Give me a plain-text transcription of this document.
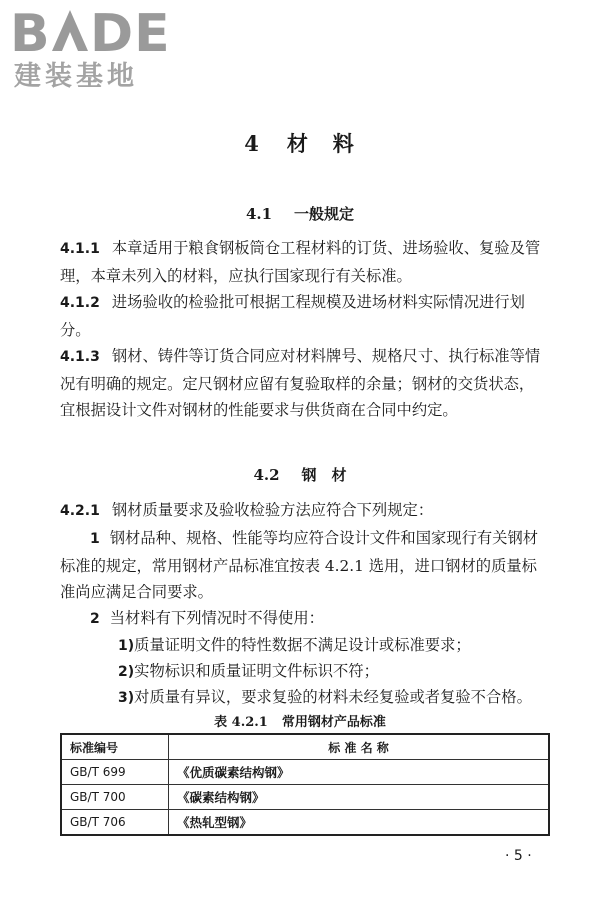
B DE
建装基地
4 材　料
4.1 一般规定
4.1.1 本章适用于粮食钢板筒仓工程材料的订货、进场验收、复验及管理，本章未列入的材料，应执行国家现行有关标准。
4.1.2 进场验收的检验批可根据工程规模及进场材料实际情况进行划分。
4.1.3 钢材、铸件等订货合同应对材料牌号、规格尺寸、执行标准等情况有明确的规定。定尺钢材应留有复验取样的余量；钢材的交货状态，宜根据设计文件对钢材的性能要求与供货商在合同中约定。
4.2 钢　材
4.2.1 钢材质量要求及验收检验方法应符合下列规定：
1 钢材品种、规格、性能等均应符合设计文件和国家现行有关钢材标准的规定，常用钢材产品标准宜按表 4.2.1 选用，进口钢材的质量标准尚应满足合同要求。
2 当材料有下列情况时不得使用：
1)质量证明文件的特性数据不满足设计或标准要求；
2)实物标识和质量证明文件标识不符；
3)对质量有异议，要求复验的材料未经复验或者复验不合格。
表 4.2.1 常用钢材产品标准
标准编号	标 准 名 称
GB/T 699	《优质碳素结构钢》
GB/T 700	《碳素结构钢》
GB/T 706	《热轧型钢》
· 5 ·
